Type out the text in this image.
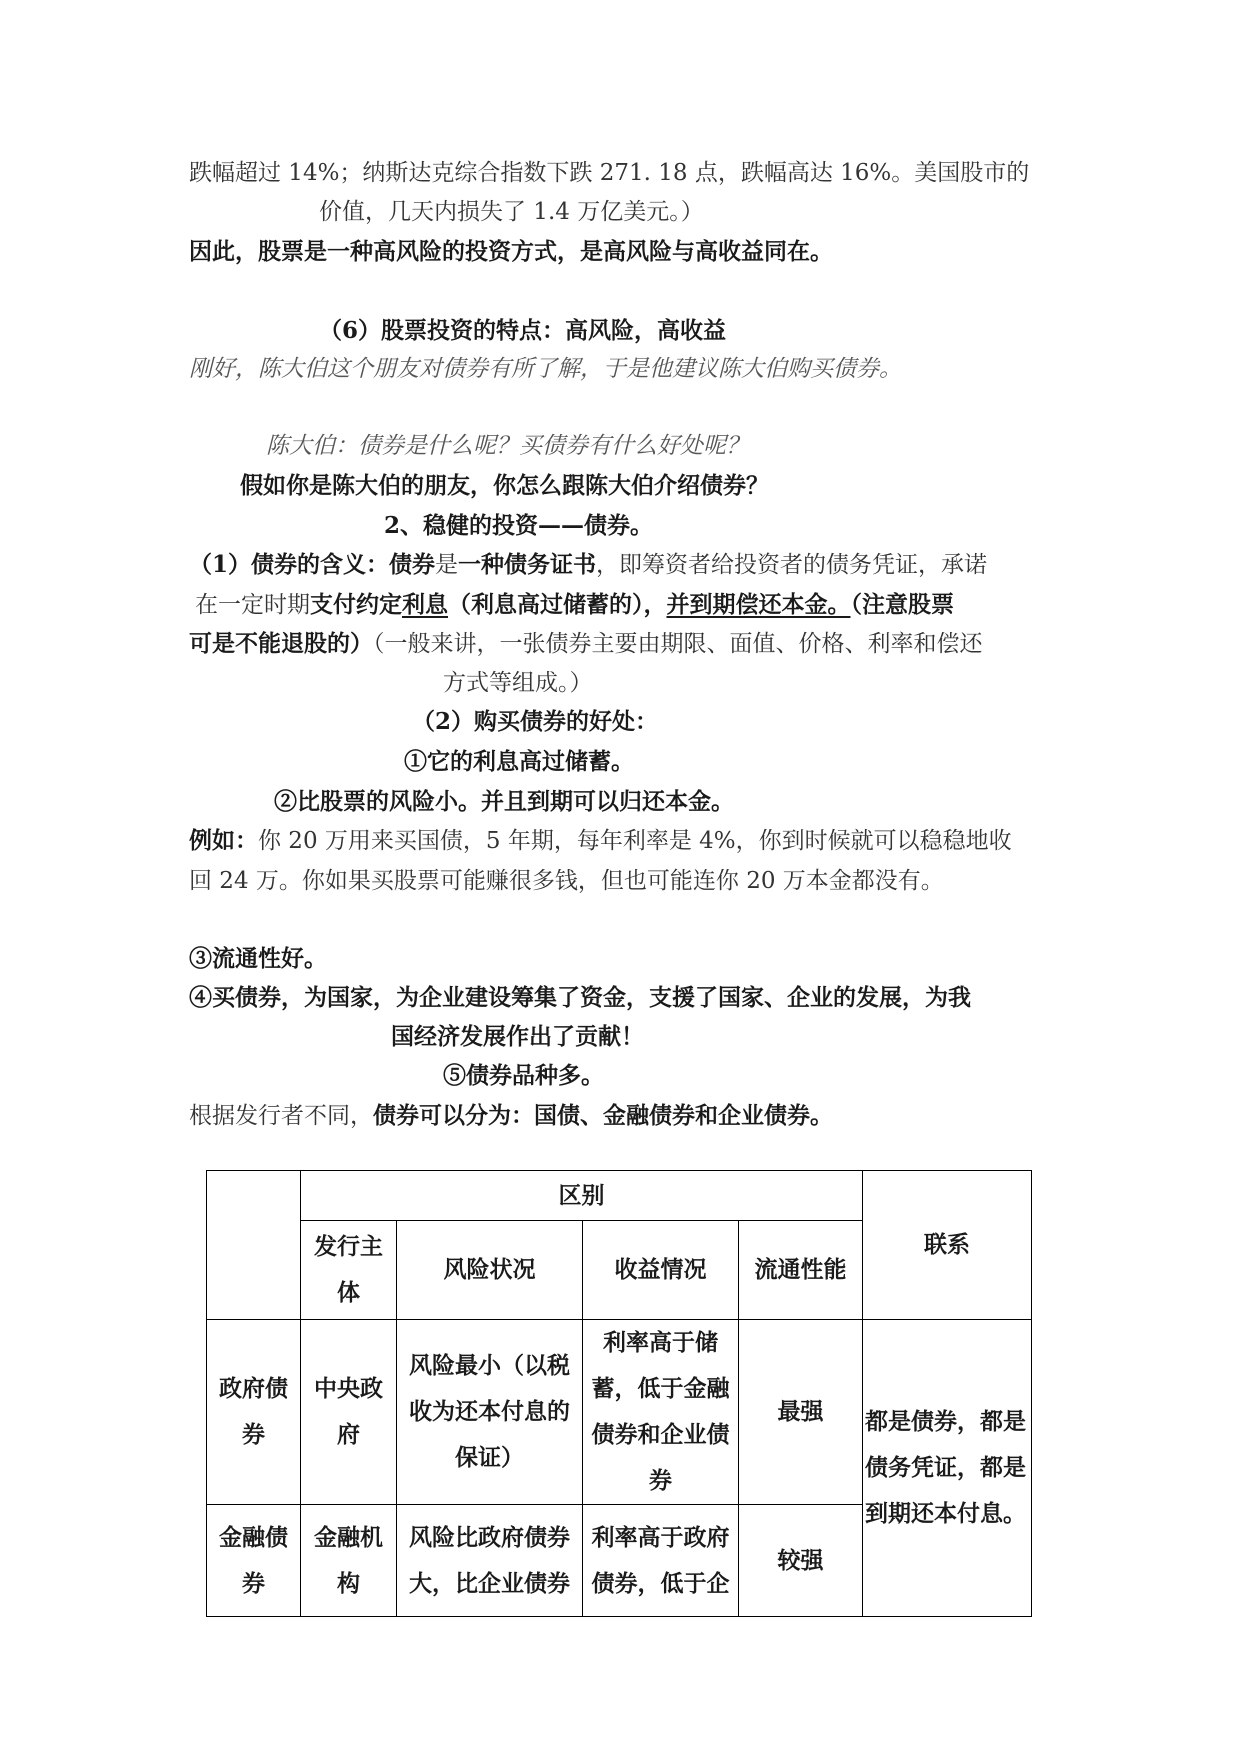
跌幅超过 14%；纳斯达克综合指数下跌 271. 18 点，跌幅高达 16%。美国股市的
价值，几天内损失了 1.4 万亿美元。）
因此，股票是一种高风险的投资方式，是高风险与高收益同在。
（6）股票投资的特点：高风险，高收益
刚好，陈大伯这个朋友对债券有所了解，于是他建议陈大伯购买债券。
陈大伯：债券是什么呢？买债券有什么好处呢？
假如你是陈大伯的朋友，你怎么跟陈大伯介绍债券？
2、稳健的投资——债券。
（1）债券的含义：债券是一种债务证书，即筹资者给投资者的债务凭证，承诺
在一定时期支付约定利息（利息高过储蓄的），并到期偿还本金。（注意股票
可是不能退股的）（一般来讲，一张债券主要由期限、面值、价格、利率和偿还
方式等组成。）
（2）购买债券的好处：
①它的利息高过储蓄。
②比股票的风险小。并且到期可以归还本金。
例如：你 20 万用来买国债，5 年期，每年利率是 4%，你到时候就可以稳稳地收
回 24 万。你如果买股票可能赚很多钱，但也可能连你 20 万本金都没有。
③流通性好。
④买债券，为国家，为企业建设筹集了资金，支援了国家、企业的发展，为我
国经济发展作出了贡献！
⑤债券品种多。
根据发行者不同，债券可以分为：国债、金融债券和企业债券。
	区别				联系
	发行主体	风险状况	收益情况	流通性能	
政府债券	中央政府	风险最小（以税收为还本付息的保证）	利率高于储蓄，低于金融债券和企业债券	最强	都是债券，都是债务凭证，都是到期还本付息。
金融债券	金融机构	风险比政府债券大，比企业债券	利率高于政府债券，低于企	较强	
